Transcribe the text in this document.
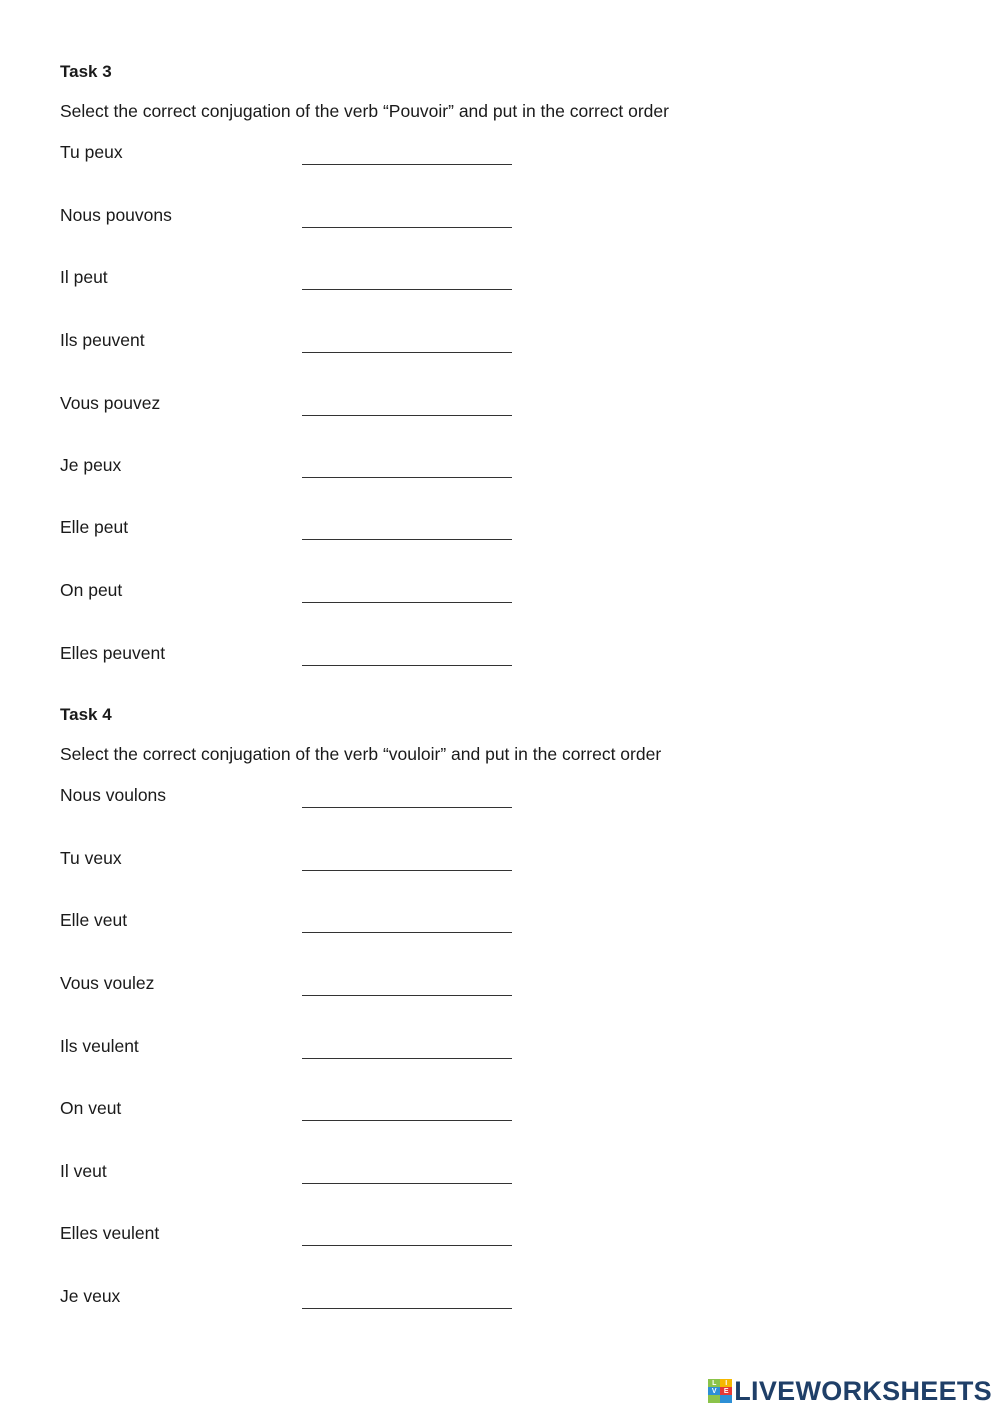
Task 3

Select the correct conjugation of the verb “Pouvoir” and put in the correct order

Tu peux
Nous pouvons
Il peut
Ils peuvent
Vous pouvez
Je peux
Elle peut
On peut
Elles peuvent
Task 4

Select the correct conjugation of the verb “vouloir” and put in the correct order

Nous voulons
Tu veux
Elle veut
Vous voulez
Ils veulent
On veut
Il veut
Elles veulent
Je veux
L	I
V	E LIVEWORKSHEETS
